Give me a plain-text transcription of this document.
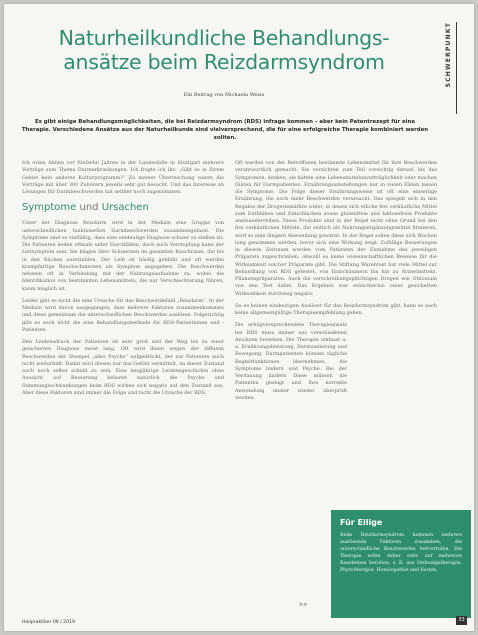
Naturheilkundliche Behandlungs-
ansätze beim Reizdarmsyndrom
Ein Beitrag von Michaela Weiss
SCHWERPUNKT
Es gibt einige Behandlungsmöglichkeiten, die bei Reizdarmsyndrom (RDS) infrage kommen – aber kein Patentrezept für eine Therapie. Verschiedene Ansätze aus der Naturheilkunde sind vielversprechend, die für eine erfolgreiche Therapie kombiniert werden sollten.

Ich erinn Ahnen vor fünfzehn Jahren in der Landesfalle in Stuttgart mehrere Vorträge zum Thema Darmerkrankungen. Ich fragte ich ihr: „Gibt es in Ihrem Gebiet kein anderes Kulturprogramm?“ Zu meiner Überraschung waren die Vorträge mit über 300 Zuhörern jeweils sehr gut besucht. Und das Interesse an Lösungen für Darmbeschwerden hat seither noch zugenommen.

Symptome und Ursachen

Unter der Diagnose Reizdarm wird in der Medizin eine Gruppe von unterschiedlichen funktionellen Darmbeschwerden zusammengefasst. Die Symptome sind so vielfältig, dass eine eindeutige Diagnose schwer zu stellen ist. Die Patienten leiden oftmals unter Durchfällen, doch auch Verstopfung kann der Leitsymptom sein. Sie klagen über Schmerzen im gesamten Bauchraum, die bis in den Rücken ausstrahlen. Der Leib ist häufig gebläht und oft werden krampfartige Bauchschmerzen als Symptom angegeben. Die Beschwerden nehmen oft in Verbindung mit der Nahrungsaufnahme zu, wobei die Identifikation von bestimmten Lebensmitteln, die nur Verschlechterung führen, kaum möglich ist.

Leider gibt es nicht die eine Ursache für das Beschwerdebild „Reizdarm“. In der Medizin wird davon ausgegangen, dass mehrere Faktoren zusammenkommen und diese gemeinsam die unterschiedlichen Beschwerden auslösen. Folgerichtig gibt es auch nicht die eine Behandlungsmethode für RDS-Patientinnen und -Patienten.

Den Leidensdruck der Patienten ist sehr groß und der Weg bis zu einer gesicherten Diagnose meist lang. Oft wird ihnen wegen der diffusen Beschwerden der Stempel „alles Psyche“ aufgedrückt, der zur Patienten auch nicht weiterhilft. Damit wird diesen nur das Gefühl vermittelt, an dieser Zustand auch noch selbst schuld zu sein. Eine langjährige Leidensgeschichte ohne Aussicht auf Besserung belastet natürlich die Psyche und Stimmungsschwankungen beim RDS wirken sich negativ auf den Zustand aus. Aber diese Faktoren sind immer die Folge und nicht die Ursache der RDS.

Oft werden von der Betroffenen bestimmte Lebensmittel für ihre Beschwerden verantwortlich gemacht. Sie verzichten zum Teil vorsichtig darauf, bis das Symptomen, denken, sie hätten eine Lebensmittelunverträglichkeit oder machen Diäten für Darmpatienten. Ernährungsumstellungen nur in vielen Fällen lassen die Symptome. Die Folge dieser Ernährungsweise ist oft eine einseitige Ernährung, die noch mehr Beschwerden verursacht. Das spiegelt sich in den Regalen der Drogeriemärkte wider, in denen sich etliche frei verkäufliche Mittel zum Entblähen und Entschlacken sowie glutenfreie und laktosefreie Produkte aneinanderreihen. Diese Produkte sind in der Regel nicht ohne Grund bei den frei verkäuflichen Mitteln, die zeitlich als Nahrungsergänzungsmittel firmieren, wird so eine längere Anwendung gewarnt. In der Regel sollen diese sich Wochen lang genommen werden, bevor sich eine Wirkung zeigt. Zufällige Besserungen in diesem Zeitraum werden vom Patienten der Einnahme des jeweiligen Präparats zugeschrieben, obwohl es keine wissenschaftlichen Beweise für die Wirksamkeit solcher Präparate gibt. Die Stiftung Warentest hat viele Mittel zur Behandlung von RDS getestet, von Entschäumern bis hin zu Arzneimitteln. Pflanzenpräparaten. Auch die verschreibungspflichtigen Drogen wie Otilonium von den Test dabei. Das Ergebnis war ernüchternd: einer gesicherten Wirksamkeit durchweg negativ.

Da es keinen eindeutigen Auslöser für das Reizdarmsyndrom gibt, kann es auch keine allgemeingültige Therapieempfehlung geben.

Die erfolgversprechendste Therapieansatz bei RDS muss immer aus verschiedenen Ansätzen bestehen. Die Therapie umfasst u. a. Ernährungsberatung, Darmsanierung und Bewegung. Darmpatienten können tägliche Begleitfunktionen übernehmen, die Symptome lindern und Psyche. Bei der Verdauung ändern Diese müssen die Patienten gezeigt und ihre korrekte Anwendung immer wieder überprüft werden.

>>
Für Eilige

Beim Reizdarmsyndrom kommen mehrere auslösende Faktoren zusammen, die unterschiedliche Beschwerden hervorrufen. Die Therapie sollte daher stets auf mehreren Bausteinen beruhen, z. B. aus Ordnungstherapie, Phytotherapie, Homöopathie und Fasten.

Heilpraktiker 09 / 2019	33
